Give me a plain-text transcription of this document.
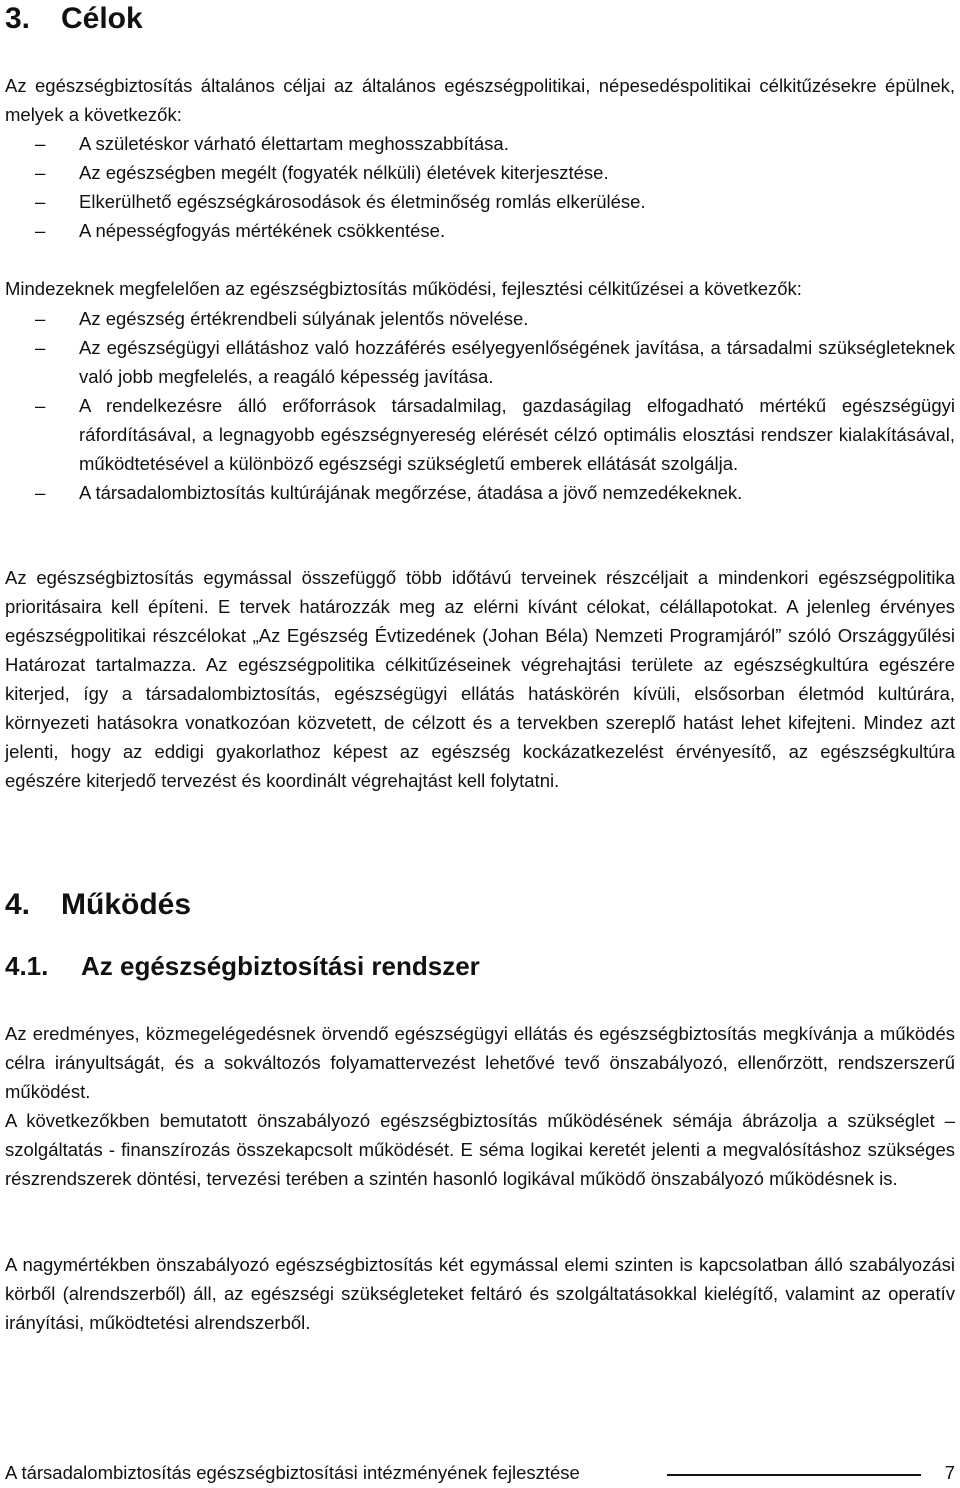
3. Célok

Az egészségbiztosítás általános céljai az általános egészségpolitikai, népesedéspolitikai célkitűzésekre épülnek, melyek a következők:

– A születéskor várható élettartam meghosszabbítása.
– Az egészségben megélt (fogyaték nélküli) életévek kiterjesztése.
– Elkerülhető egészségkárosodások és életminőség romlás elkerülése.
– A népességfogyás mértékének csökkentése.

Mindezeknek megfelelően az egészségbiztosítás működési, fejlesztési célkitűzései a következők:

– Az egészség értékrendbeli súlyának jelentős növelése.
– Az egészségügyi ellátáshoz való hozzáférés esélyegyenlőségének javítása, a társadalmi szükségleteknek való jobb megfelelés, a reagáló képesség javítása.
– A rendelkezésre álló erőforrások társadalmilag, gazdaságilag elfogadható mértékű egészségügyi ráfordításával, a legnagyobb egészségnyereség elérését célzó optimális elosztási rendszer kialakításával, működtetésével a különböző egészségi szükségletű emberek ellátását szolgálja.
– A társadalombiztosítás kultúrájának megőrzése, átadása a jövő nemzedékeknek.

Az egészségbiztosítás egymással összefüggő több időtávú terveinek részcéljait a mindenkori egészségpolitika prioritásaira kell építeni. E tervek határozzák meg az elérni kívánt célokat, célállapotokat. A jelenleg érvényes egészségpolitikai részcélokat „Az Egészség Évtizedének (Johan Béla) Nemzeti Programjáról” szóló Országgyűlési Határozat tartalmazza. Az egészségpolitika célkitűzéseinek végrehajtási területe az egészségkultúra egészére kiterjed, így a társadalombiztosítás, egészségügyi ellátás hatáskörén kívüli, elsősorban életmód kultúrára, környezeti hatásokra vonatkozóan közvetett, de célzott és a tervekben szereplő hatást lehet kifejteni. Mindez azt jelenti, hogy az eddigi gyakorlathoz képest az egészség kockázatkezelést érvényesítő, az egészségkultúra egészére kiterjedő tervezést és koordinált végrehajtást kell folytatni.

4. Működés
4.1. Az egészségbiztosítási rendszer

Az eredményes, közmegelégedésnek örvendő egészségügyi ellátás és egészségbiztosítás megkívánja a működés célra irányultságát, és a sokváltozós folyamattervezést lehetővé tevő önszabályozó, ellenőrzött, rendszerszerű működést.

A következőkben bemutatott önszabályozó egészségbiztosítás működésének sémája ábrázolja a szükséglet – szolgáltatás - finanszírozás összekapcsolt működését. E séma logikai keretét jelenti a megvalósításhoz szükséges részrendszerek döntési, tervezési terében a szintén hasonló logikával működő önszabályozó működésnek is.

A nagymértékben önszabályozó egészségbiztosítás két egymással elemi szinten is kapcsolatban álló szabályozási körből (alrendszerből) áll, az egészségi szükségleteket feltáró és szolgáltatásokkal kielégítő, valamint az operatív irányítási, működtetési alrendszerből.

A társadalombiztosítás egészségbiztosítási intézményének fejlesztése	7
